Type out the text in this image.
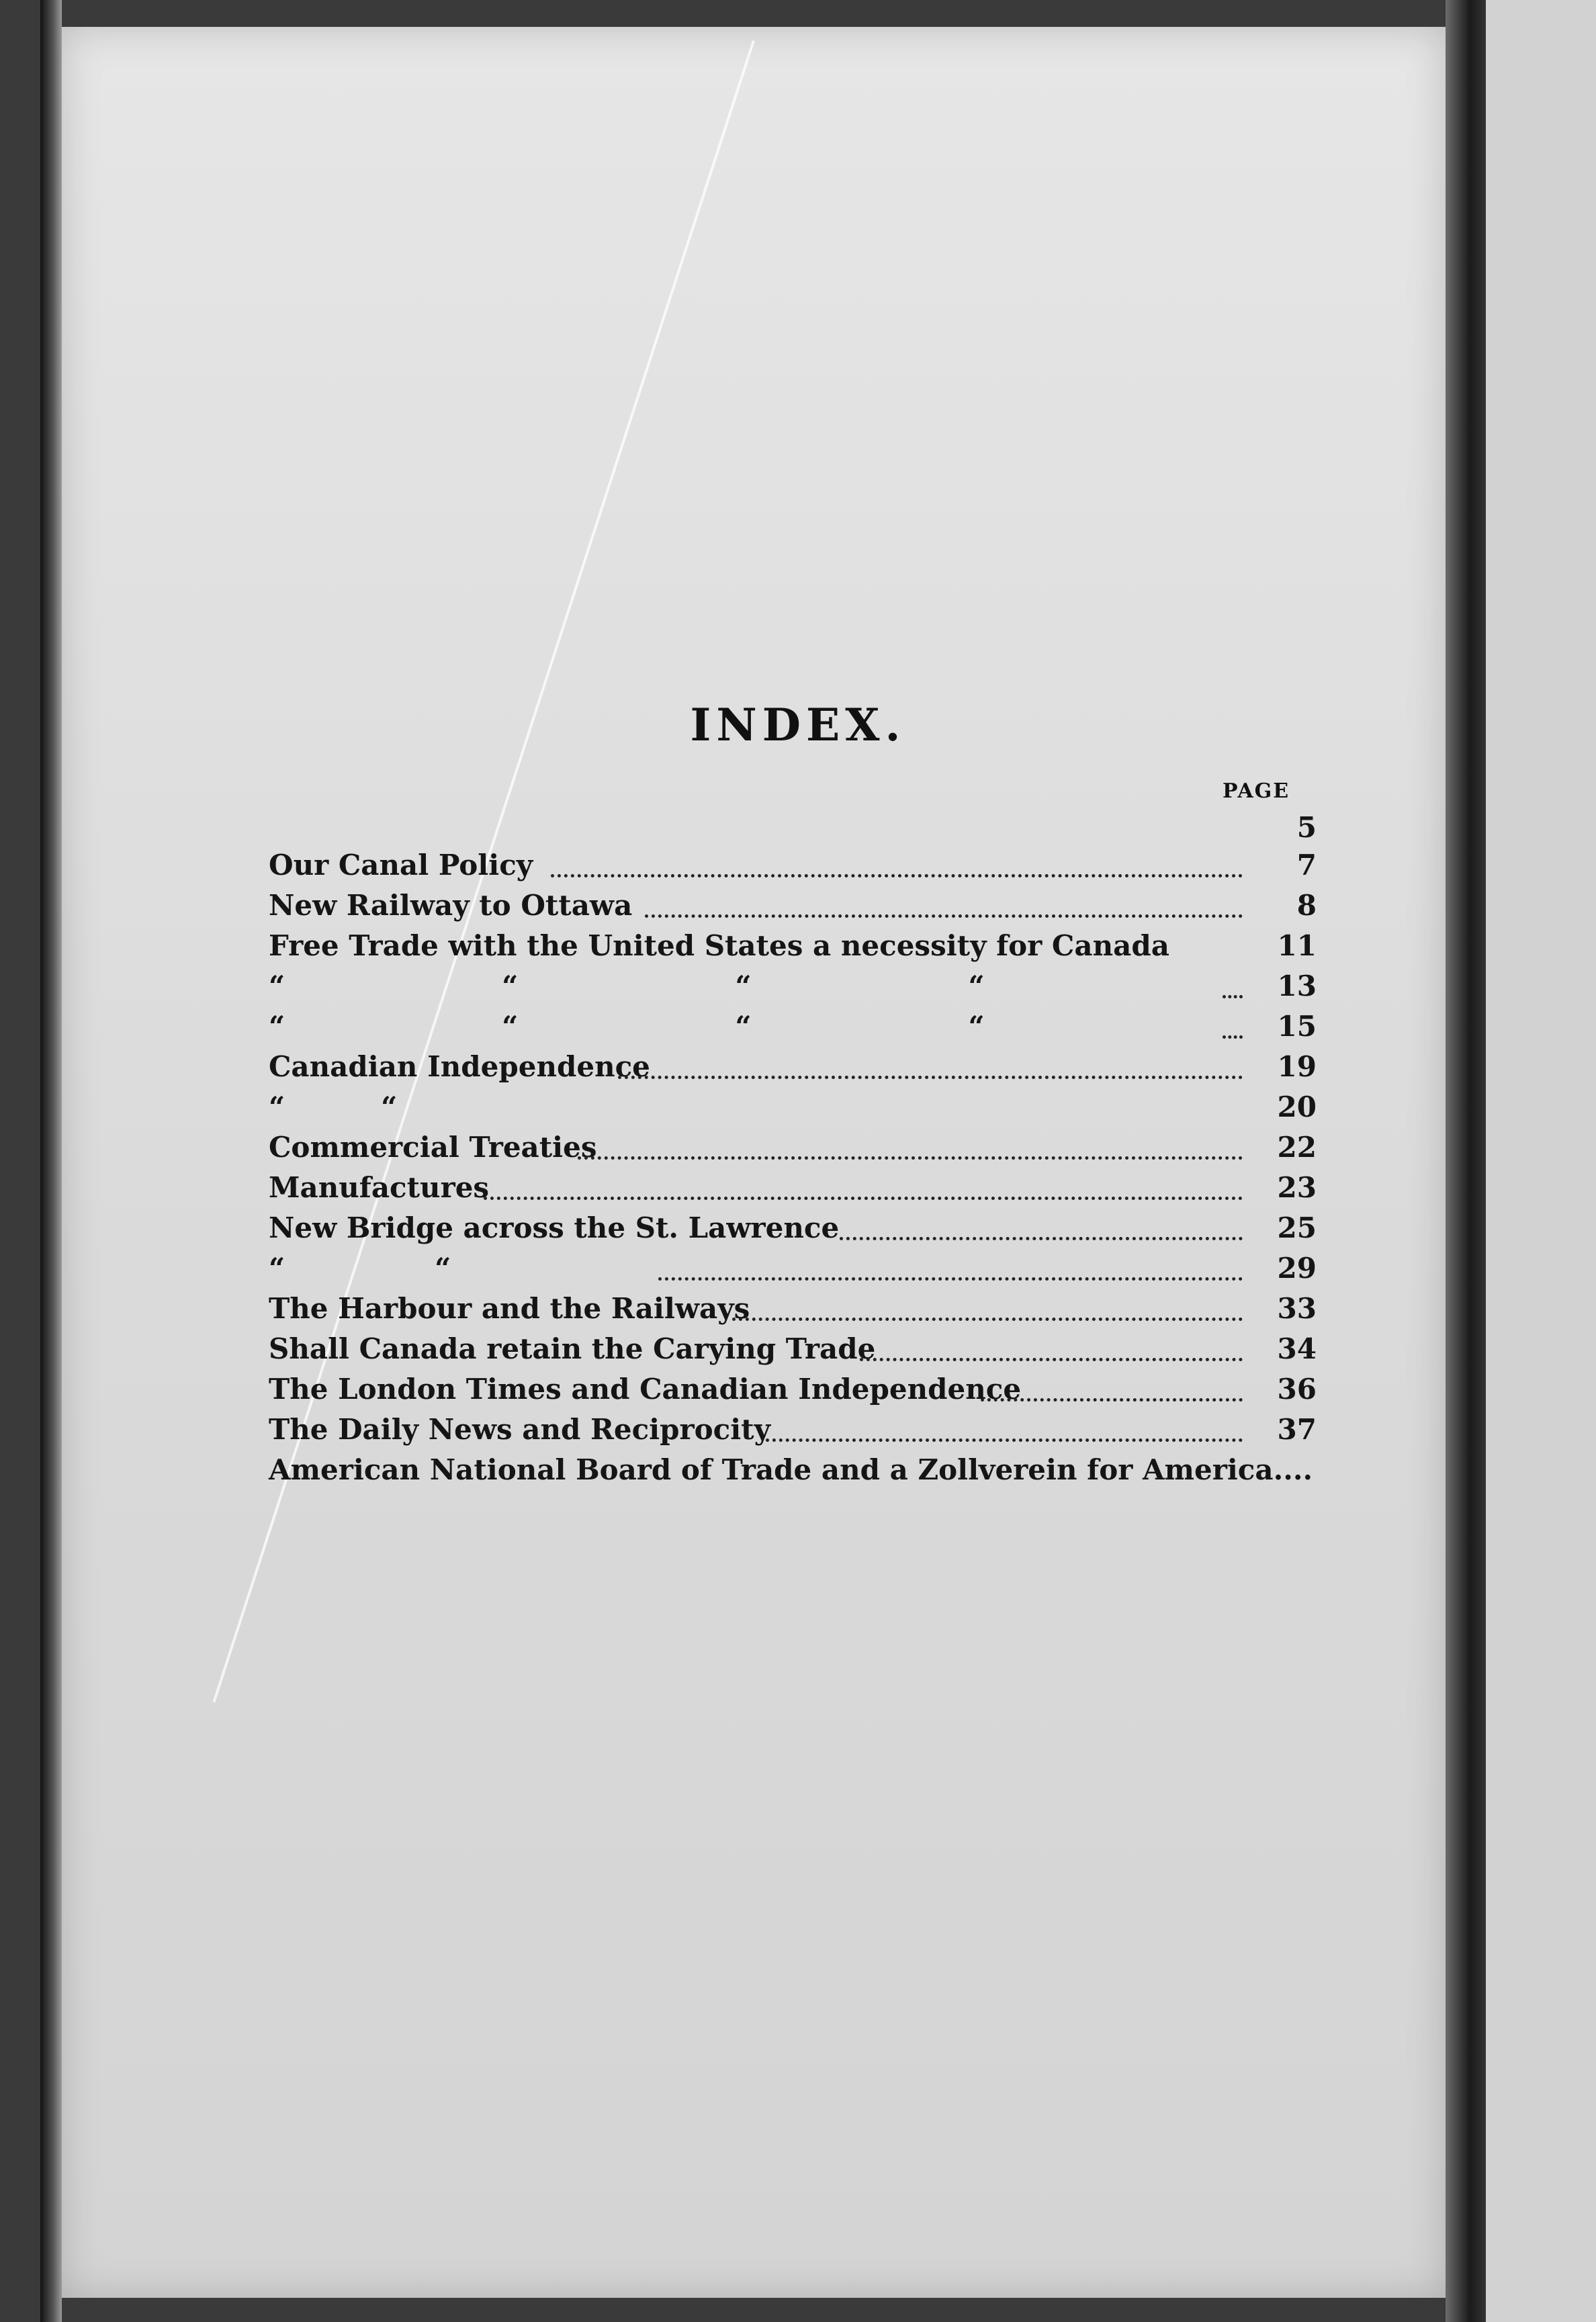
INDEX.
PAGE
5
Our Canal Policy	7
New Railway to Ottawa	8
Free Trade with the United States a necessity for Canada	11
“ “ “ “	13
“ “ “ “	15
Canadian Independence	19
“ “	20
Commercial Treaties	22
Manufactures	23
New Bridge across the St. Lawrence	25
“ “	29
The Harbour and the Railways	33
Shall Canada retain the Carying Trade	34
The London Times and Canadian Independence	36
The Daily News and Reciprocity	37
American National Board of Trade and a Zollverein for America....
